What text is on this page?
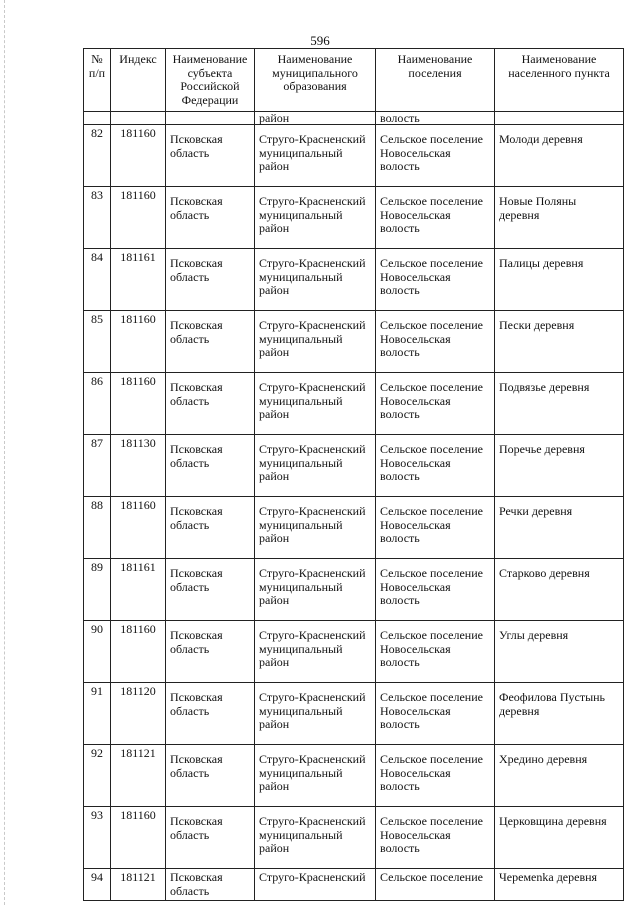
596
№ п/п	Индекс	Наименование субъекта Российской Федерации	Наименование муниципального образования	Наименование поселения	Наименование населенного пункта
			район	волость	
82	181160	Псковская область	Струго-Красненский муниципальный район	Сельское поселение Новосельская волость	Молоди деревня
83	181160	Псковская область	Струго-Красненский муниципальный район	Сельское поселение Новосельская волость	Новые Поляны деревня
84	181161	Псковская область	Струго-Красненский муниципальный район	Сельское поселение Новосельская волость	Палицы деревня
85	181160	Псковская область	Струго-Красненский муниципальный район	Сельское поселение Новосельская волость	Пески деревня
86	181160	Псковская область	Струго-Красненский муниципальный район	Сельское поселение Новосельская волость	Подвязье деревня
87	181130	Псковская область	Струго-Красненский муниципальный район	Сельское поселение Новосельская волость	Поречье деревня
88	181160	Псковская область	Струго-Красненский муниципальный район	Сельское поселение Новосельская волость	Речки деревня
89	181161	Псковская область	Струго-Красненский муниципальный район	Сельское поселение Новосельская волость	Старково деревня
90	181160	Псковская область	Струго-Красненский муниципальный район	Сельское поселение Новосельская волость	Углы деревня
91	181120	Псковская область	Струго-Красненский муниципальный район	Сельское поселение Новосельская волость	Феофилова Пустынь деревня
92	181121	Псковская область	Струго-Красненский муниципальный район	Сельское поселение Новосельская волость	Хредино деревня
93	181160	Псковская область	Струго-Красненский муниципальный район	Сельское поселение Новосельская волость	Церковщина деревня
94	181121	Псковская область	Струго-Красненский	Сельское поселение	Черемenka деревня
